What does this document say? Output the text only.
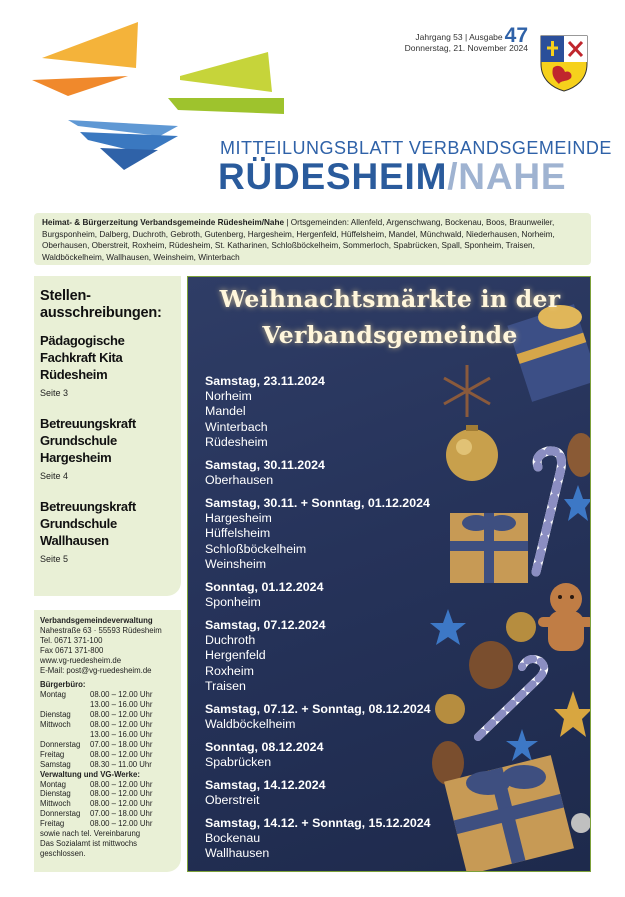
Jahrgang 53 | Ausgabe47
Donnerstag, 21. November 2024
MITTEILUNGSBLATT VERBANDSGEMEINDE
RÜDESHEIM/NAHE
Heimat- & Bürgerzeitung Verbandsgemeinde Rüdesheim/Nahe | Ortsgemeinden: Allenfeld, Argenschwang, Bockenau, Boos, Braunweiler, Burgsponheim, Dalberg, Duchroth, Gebroth, Gutenberg, Hargesheim, Hergenfeld, Hüffelsheim, Mandel, Münchwald, Niederhausen, Norheim, Oberhausen, Oberstreit, Roxheim, Rüdesheim, St. Katharinen, Schloßböckelheim, Sommerloch, Spabrücken, Spall, Sponheim, Traisen, Waldböckelheim, Wallhausen, Weinsheim, Winterbach
Stellen-ausschreibungen:
Pädagogische Fachkraft Kita Rüdesheim
Seite 3
Betreuungskraft Grundschule Hargesheim
Seite 4
Betreuungskraft Grundschule Wallhausen
Seite 5
Verbandsgemeindeverwaltung
Nahestraße 63 · 55593 Rüdesheim
Tel. 0671 371-100
Fax 0671 371-800
www.vg-ruedesheim.de
E-Mail: post@vg-ruedesheim.de
Bürgerbüro:
Montag	08.00 – 12.00 Uhr
13.00 – 16.00 Uhr
Dienstag	08.00 – 12.00 Uhr
Mittwoch	08.00 – 12.00 Uhr
13.00 – 16.00 Uhr
Donnerstag	07.00 – 18.00 Uhr
Freitag	08.00 – 12.00 Uhr
Samstag	08.30 – 11.00 Uhr
Verwaltung und VG-Werke:
Montag	08.00 – 12.00 Uhr
Dienstag	08.00 – 12.00 Uhr
Mittwoch	08.00 – 12.00 Uhr
Donnerstag	07.00 – 18.00 Uhr
Freitag	08.00 – 12.00 Uhr
sowie nach tel. Vereinbarung
Das Sozialamt ist mittwochs geschlossen.
Weihnachtsmärkte in der
Verbandsgemeinde
Samstag, 23.11.2024
Norheim
Mandel
Winterbach
Rüdesheim
Samstag, 30.11.2024
Oberhausen
Samstag, 30.11. + Sonntag, 01.12.2024
Hargesheim
Hüffelsheim
Schloßböckelheim
Weinsheim
Sonntag, 01.12.2024
Sponheim
Samstag, 07.12.2024
Duchroth
Hergenfeld
Roxheim
Traisen
Samstag, 07.12. + Sonntag, 08.12.2024
Waldböckelheim
Sonntag, 08.12.2024
Spabrücken
Samstag, 14.12.2024
Oberstreit
Samstag, 14.12. + Sonntag, 15.12.2024
Bockenau
Wallhausen
